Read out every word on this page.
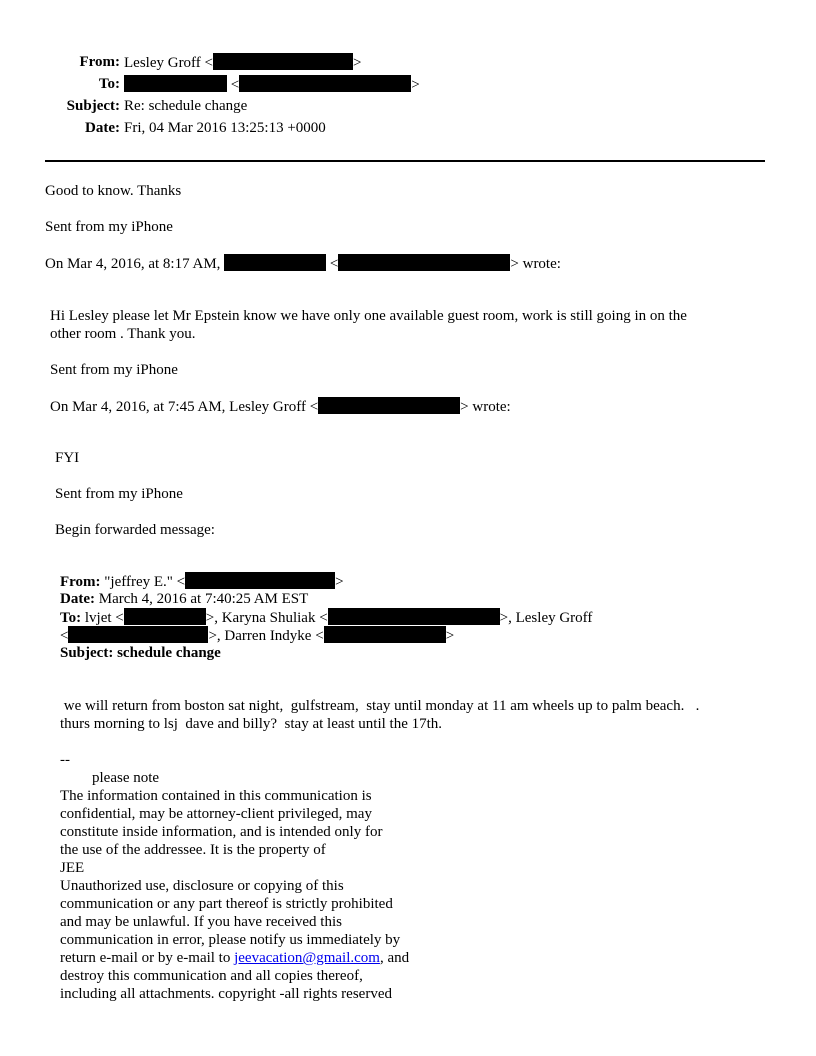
From: Lesley Groff <	>
To:	<	>
Subject: Re: schedule change
Date: Fri, 04 Mar 2016 13:25:13 +0000
Good to know. Thanks
Sent from my iPhone
On Mar 4, 2016, at 8:17 AM,	<	> wrote:
Hi Lesley please let Mr Epstein know we have only one available guest room, work is still going in on the
other room . Thank you.
Sent from my iPhone
On Mar 4, 2016, at 7:45 AM, Lesley Groff <	> wrote:
FYI
Sent from my iPhone
Begin forwarded message:
From: "jeffrey E." <	>
Date: March 4, 2016 at 7:40:25 AM EST
To: lvjet <	>, Karyna Shuliak <	>, Lesley Groff
<	>, Darren Indyke <	>
Subject: schedule change
we will return from boston sat night,  gulfstream,  stay until monday at 11 am wheels up to palm beach.   .
thurs morning to lsj  dave and billy?  stay at least until the 17th.
--
please note
The information contained in this communication is
confidential, may be attorney-client privileged, may
constitute inside information, and is intended only for
the use of the addressee. It is the property of
JEE
Unauthorized use, disclosure or copying of this
communication or any part thereof is strictly prohibited
and may be unlawful. If you have received this
communication in error, please notify us immediately by
return e-mail or by e-mail to jeevacation@gmail.com, and
destroy this communication and all copies thereof,
including all attachments. copyright -all rights reserved
